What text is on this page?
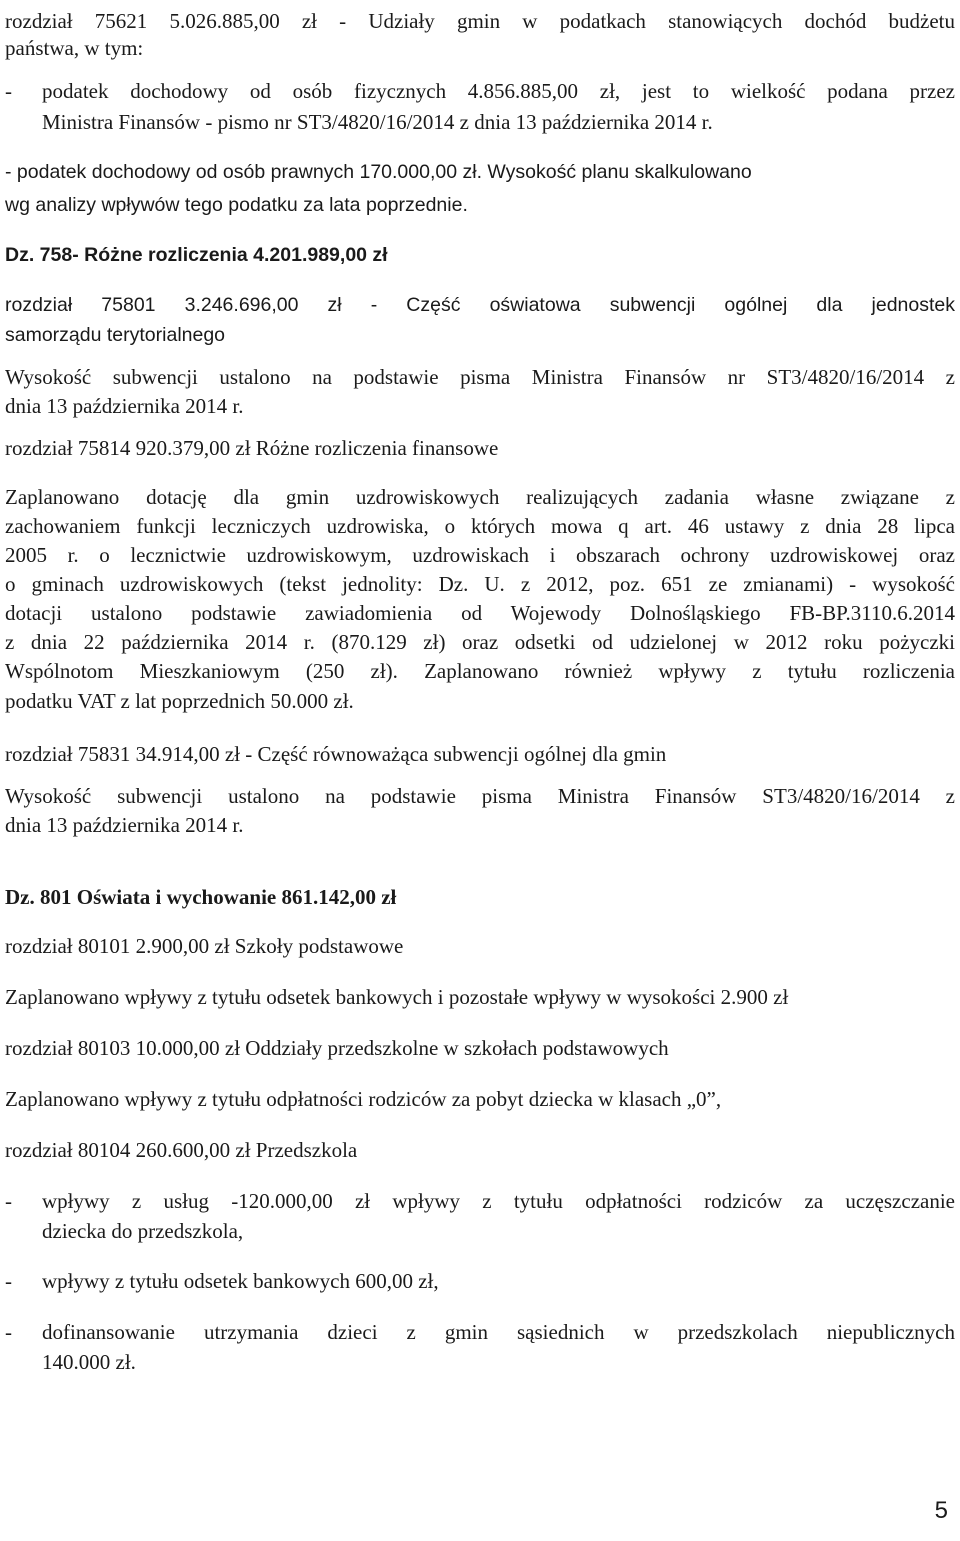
rozdział 75621 5.026.885,00 zł - Udziały gmin w podatkach stanowiących dochód budżetu

państwa, w tym:

- podatek dochodowy od osób fizycznych 4.856.885,00 zł, jest to wielkość podana przez

Ministra Finansów - pismo nr ST3/4820/16/2014 z dnia 13 października 2014 r.

- podatek dochodowy od osób prawnych 170.000,00 zł. Wysokość planu skalkulowano

wg analizy wpływów tego podatku za lata poprzednie.

Dz. 758- Różne rozliczenia 4.201.989,00 zł

rozdział 75801 3.246.696,00 zł - Część oświatowa subwencji ogólnej dla jednostek

samorządu terytorialnego

Wysokość subwencji ustalono na podstawie pisma Ministra Finansów nr ST3/4820/16/2014 z

dnia 13 października 2014 r.

rozdział 75814 920.379,00 zł Różne rozliczenia finansowe

Zaplanowano dotację dla gmin uzdrowiskowych realizujących zadania własne związane z

zachowaniem funkcji leczniczych uzdrowiska, o których mowa q art. 46 ustawy z dnia 28 lipca

2005 r. o lecznictwie uzdrowiskowym, uzdrowiskach i obszarach ochrony uzdrowiskowej oraz

o gminach uzdrowiskowych (tekst jednolity: Dz. U. z 2012, poz. 651 ze zmianami) - wysokość

dotacji ustalono podstawie zawiadomienia od Wojewody Dolnośląskiego FB-BP.3110.6.2014

z dnia 22 października 2014 r. (870.129 zł) oraz odsetki od udzielonej w 2012 roku pożyczki

Wspólnotom Mieszkaniowym (250 zł). Zaplanowano również wpływy z tytułu rozliczenia

podatku VAT z lat poprzednich 50.000 zł.

rozdział 75831 34.914,00 zł - Część równoważąca subwencji ogólnej dla gmin

Wysokość subwencji ustalono na podstawie pisma Ministra Finansów ST3/4820/16/2014 z

dnia 13 października 2014 r.

Dz. 801 Oświata i wychowanie 861.142,00 zł

rozdział 80101 2.900,00 zł Szkoły podstawowe

Zaplanowano wpływy z tytułu odsetek bankowych i pozostałe wpływy w wysokości 2.900 zł

rozdział 80103 10.000,00 zł Oddziały przedszkolne w szkołach podstawowych

Zaplanowano wpływy z tytułu odpłatności rodziców za pobyt dziecka w klasach „0”,

rozdział 80104 260.600,00 zł Przedszkola

- wpływy z usług -120.000,00 zł wpływy z tytułu odpłatności rodziców za uczęszczanie

dziecka do przedszkola,

- wpływy z tytułu odsetek bankowych 600,00 zł,

- dofinansowanie utrzymania dzieci z gmin sąsiednich w przedszkolach niepublicznych

140.000 zł.

5
